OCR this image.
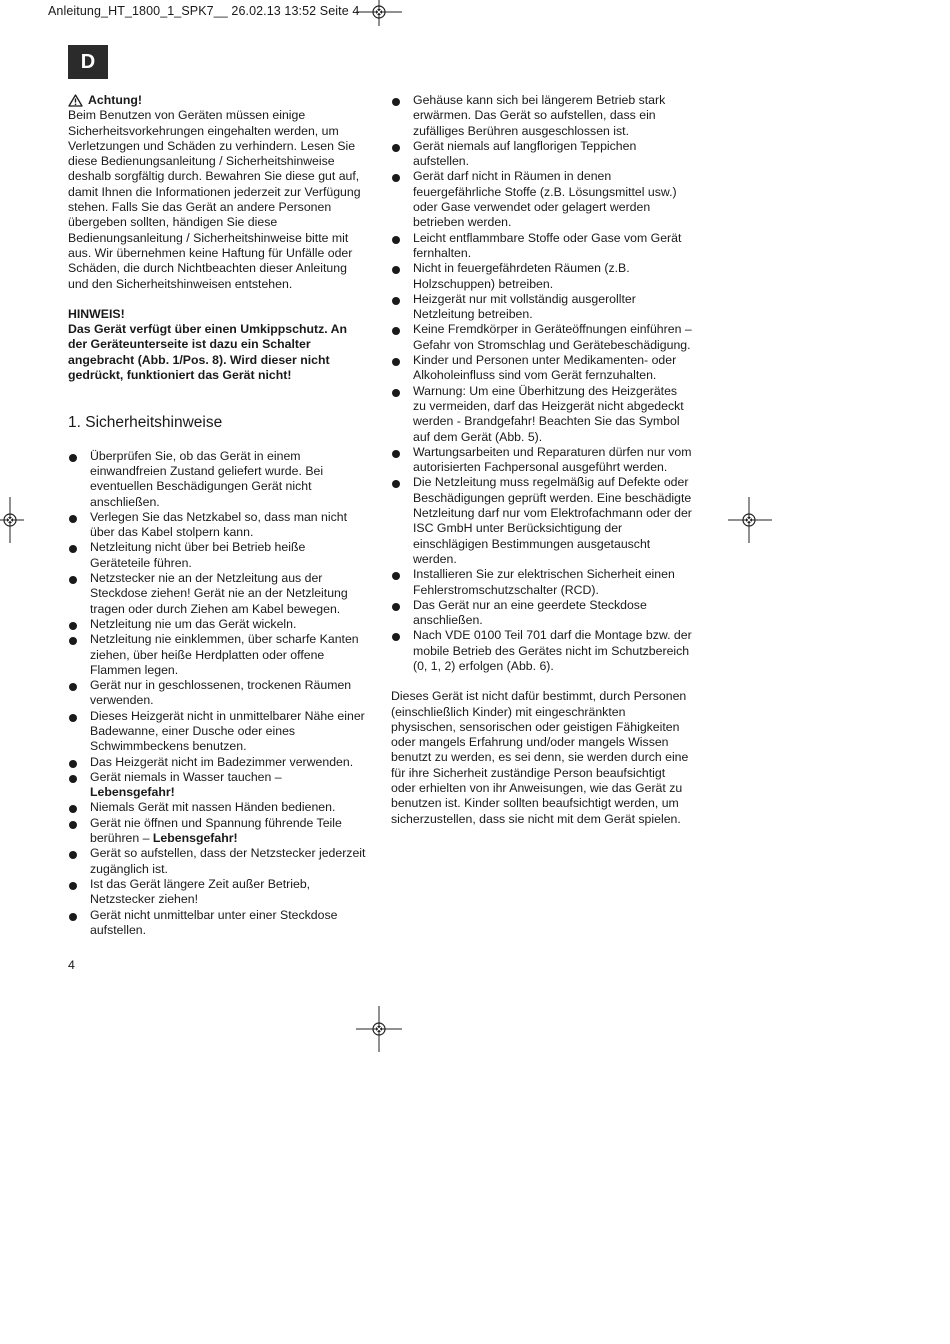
Anleitung_HT_1800_1_SPK7__ 26.02.13 13:52 Seite 4
D

Achtung!

Beim Benutzen von Geräten müssen einige Sicherheitsvorkehrungen eingehalten werden, um Verletzungen und Schäden zu verhindern. Lesen Sie diese Bedienungsanleitung / Sicherheitshinweise deshalb sorgfältig durch. Bewahren Sie diese gut auf, damit Ihnen die Informationen jederzeit zur Verfügung stehen. Falls Sie das Gerät an andere Personen übergeben sollten, händigen Sie diese Bedienungsanleitung / Sicherheitshinweise bitte mit aus. Wir übernehmen keine Haftung für Unfälle oder Schäden, die durch Nichtbeachten dieser Anleitung und den Sicherheitshinweisen entstehen.

HINWEIS!

Das Gerät verfügt über einen Umkippschutz. An der Geräteunterseite ist dazu ein Schalter angebracht (Abb. 1/Pos. 8). Wird dieser nicht gedrückt, funktioniert das Gerät nicht!

1. Sicherheitshinweise
Überprüfen Sie, ob das Gerät in einem einwandfreien Zustand geliefert wurde. Bei eventuellen Beschädigungen Gerät nicht anschließen.
Verlegen Sie das Netzkabel so, dass man nicht über das Kabel stolpern kann.
Netzleitung nicht über bei Betrieb heiße Geräteteile führen.
Netzstecker nie an der Netzleitung aus der Steckdose ziehen! Gerät nie an der Netzleitung tragen oder durch Ziehen am Kabel bewegen.
Netzleitung nie um das Gerät wickeln.
Netzleitung nie einklemmen, über scharfe Kanten ziehen, über heiße Herdplatten oder offene Flammen legen.
Gerät nur in geschlossenen, trockenen Räumen verwenden.
Dieses Heizgerät nicht in unmittelbarer Nähe einer Badewanne, einer Dusche oder eines Schwimmbeckens benutzen.
Das Heizgerät nicht im Badezimmer verwenden.
Gerät niemals in Wasser tauchen – Lebensgefahr!
Niemals Gerät mit nassen Händen bedienen.
Gerät nie öffnen und Spannung führende Teile berühren – Lebensgefahr!
Gerät so aufstellen, dass der Netzstecker jederzeit zugänglich ist.
Ist das Gerät längere Zeit außer Betrieb, Netzstecker ziehen!
Gerät nicht unmittelbar unter einer Steckdose aufstellen.
Gehäuse kann sich bei längerem Betrieb stark erwärmen. Das Gerät so aufstellen, dass ein zufälliges Berühren ausgeschlossen ist.
Gerät niemals auf langflorigen Teppichen aufstellen.
Gerät darf nicht in Räumen in denen feuergefährliche Stoffe (z.B. Lösungsmittel usw.) oder Gase verwendet oder gelagert werden betrieben werden.
Leicht entflammbare Stoffe oder Gase vom Gerät fernhalten.
Nicht in feuergefährdeten Räumen (z.B. Holzschuppen) betreiben.
Heizgerät nur mit vollständig ausgerollter Netzleitung betreiben.
Keine Fremdkörper in Geräteöffnungen einführen – Gefahr von Stromschlag und Gerätebeschädigung.
Kinder und Personen unter Medikamenten- oder Alkoholeinfluss sind vom Gerät fernzuhalten.
Warnung: Um eine Überhitzung des Heizgerätes zu vermeiden, darf das Heizgerät nicht abgedeckt werden - Brandgefahr! Beachten Sie das Symbol auf dem Gerät (Abb. 5).
Wartungsarbeiten und Reparaturen dürfen nur vom autorisierten Fachpersonal ausgeführt werden.
Die Netzleitung muss regelmäßig auf Defekte oder Beschädigungen geprüft werden. Eine beschädigte Netzleitung darf nur vom Elektrofachmann oder der ISC GmbH unter Berücksichtigung der einschlägigen Bestimmungen ausgetauscht werden.
Installieren Sie zur elektrischen Sicherheit einen Fehlerstromschutzschalter (RCD).
Das Gerät nur an eine geerdete Steckdose anschließen.
Nach VDE 0100 Teil 701 darf die Montage bzw. der mobile Betrieb des Gerätes nicht im Schutzbereich (0, 1, 2) erfolgen (Abb. 6).

Dieses Gerät ist nicht dafür bestimmt, durch Personen (einschließlich Kinder) mit eingeschränkten physischen, sensorischen oder geistigen Fähigkeiten oder mangels Erfahrung und/oder mangels Wissen benutzt zu werden, es sei denn, sie werden durch eine für ihre Sicherheit zuständige Person beaufsichtigt oder erhielten von ihr Anweisungen, wie das Gerät zu benutzen ist. Kinder sollten beaufsichtigt werden, um sicherzustellen, dass sie nicht mit dem Gerät spielen.

4
